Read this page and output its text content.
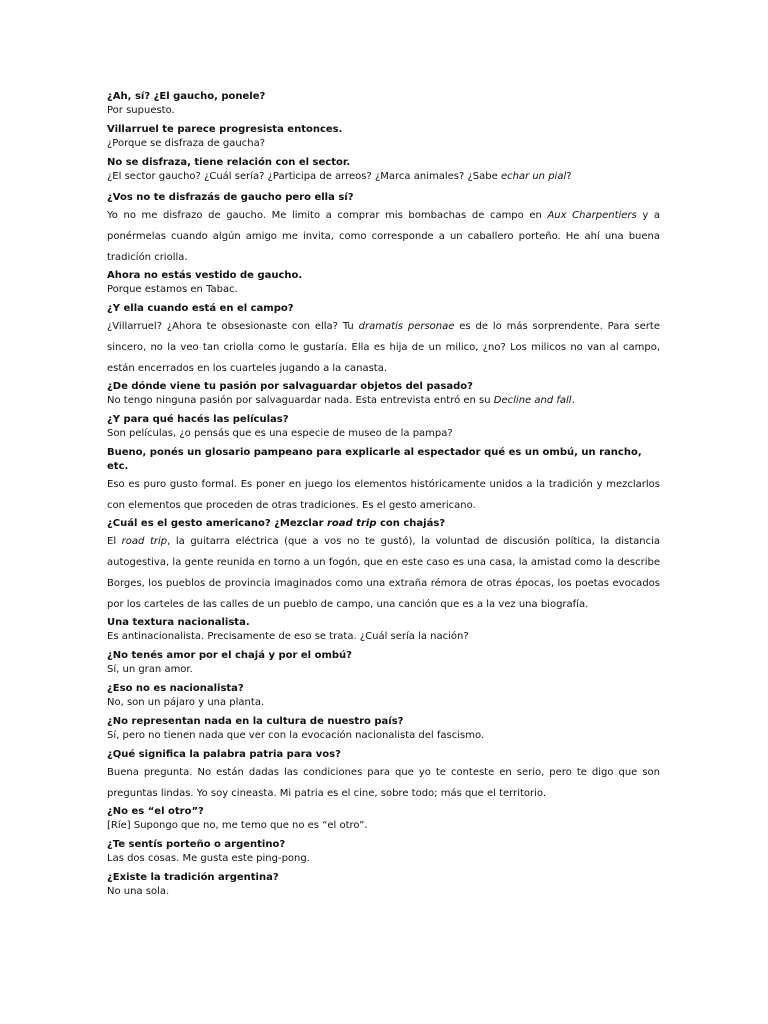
¿Ah, sí? ¿El gaucho, ponele?
Por supuesto.
Villarruel te parece progresista entonces.
¿Porque se disfraza de gaucha?
No se disfraza, tiene relación con el sector.
¿El sector gaucho? ¿Cuál sería? ¿Participa de arreos? ¿Marca animales? ¿Sabe echar un pial?
¿Vos no te disfrazás de gaucho pero ella sí?
Yo no me disfrazo de gaucho. Me limito a comprar mis bombachas de campo en Aux Charpentiers y a ponérmelas cuando algún amigo me invita, como corresponde a un caballero porteño. He ahí una buena tradición criolla.
Ahora no estás vestido de gaucho.
Porque estamos en Tabac.
¿Y ella cuando está en el campo?
¿Villarruel? ¿Ahora te obsesionaste con ella? Tu dramatis personae es de lo más sorprendente. Para serte sincero, no la veo tan criolla como le gustaría. Ella es hija de un milico, ¿no? Los milicos no van al campo, están encerrados en los cuarteles jugando a la canasta.
¿De dónde viene tu pasión por salvaguardar objetos del pasado?
No tengo ninguna pasión por salvaguardar nada. Esta entrevista entró en su Decline and fall.
¿Y para qué hacés las películas?
Son películas, ¿o pensás que es una especie de museo de la pampa?
Bueno, ponés un glosario pampeano para explicarle al espectador qué es un ombú, un rancho, etc.
Eso es puro gusto formal. Es poner en juego los elementos históricamente unidos a la tradición y mezclarlos con elementos que proceden de otras tradiciones. Es el gesto americano.
¿Cuál es el gesto americano? ¿Mezclar road trip con chajás?
El road trip, la guitarra eléctrica (que a vos no te gustó), la voluntad de discusión política, la distancia autogestiva, la gente reunida en torno a un fogón, que en este caso es una casa, la amistad como la describe Borges, los pueblos de provincia imaginados como una extraña rémora de otras épocas, los poetas evocados por los carteles de las calles de un pueblo de campo, una canción que es a la vez una biografía.
Una textura nacionalista.
Es antinacionalista. Precisamente de eso se trata. ¿Cuál sería la nación?
¿No tenés amor por el chajá y por el ombú?
Sí, un gran amor.
¿Eso no es nacionalista?
No, son un pájaro y una planta.
¿No representan nada en la cultura de nuestro país?
Sí, pero no tienen nada que ver con la evocación nacionalista del fascismo.
¿Qué significa la palabra patria para vos?
Buena pregunta. No están dadas las condiciones para que yo te conteste en serio, pero te digo que son preguntas lindas. Yo soy cineasta. Mi patria es el cine, sobre todo; más que el territorio.
¿No es “el otro”?
[Ríe] Supongo que no, me temo que no es “el otro”.
¿Te sentís porteño o argentino?
Las dos cosas. Me gusta este ping-pong.
¿Existe la tradición argentina?
No una sola.
